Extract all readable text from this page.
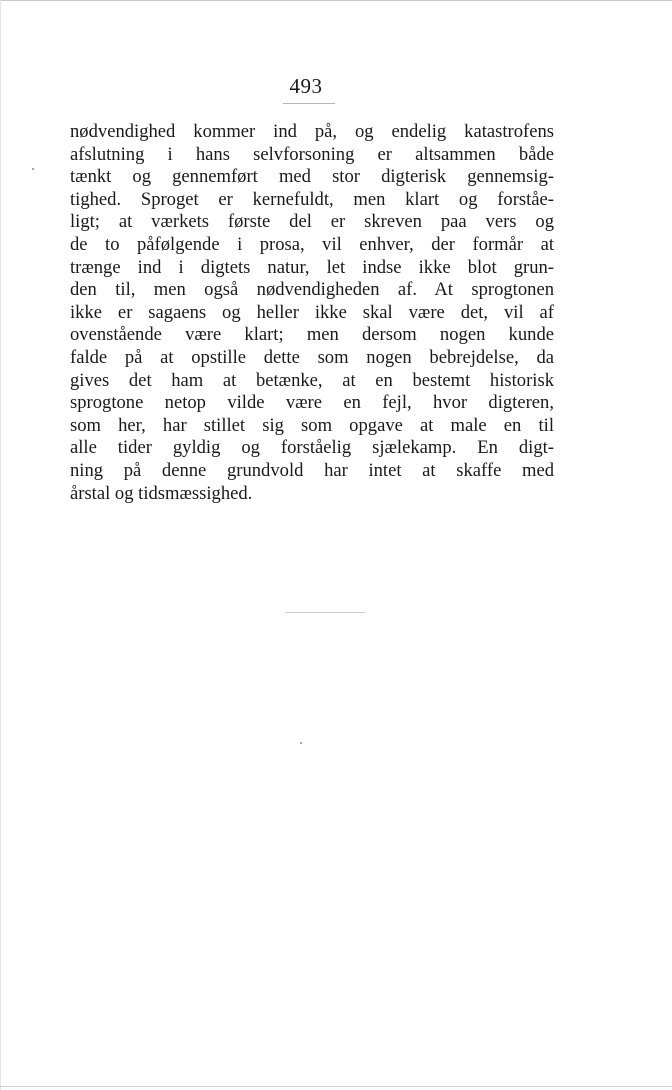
493
nødvendighed kommer ind på, og endelig katastrofens
afslutning i hans selvforsoning er altsammen både
tænkt og gennemført med stor digterisk gennemsig-
tighed. Sproget er kernefuldt, men klart og forståe-
ligt; at værkets første del er skreven paa vers og
de to påfølgende i prosa, vil enhver, der formår at
trænge ind i digtets natur, let indse ikke blot grun-
den til, men også nødvendigheden af. At sprogtonen
ikke er sagaens og heller ikke skal være det, vil af
ovenstående være klart; men dersom nogen kunde
falde på at opstille dette som nogen bebrejdelse, da
gives det ham at betænke, at en bestemt historisk
sprogtone netop vilde være en fejl, hvor digteren,
som her, har stillet sig som opgave at male en til
alle tider gyldig og forståelig sjælekamp. En digt-
ning på denne grundvold har intet at skaffe med
årstal og tidsmæssighed.
